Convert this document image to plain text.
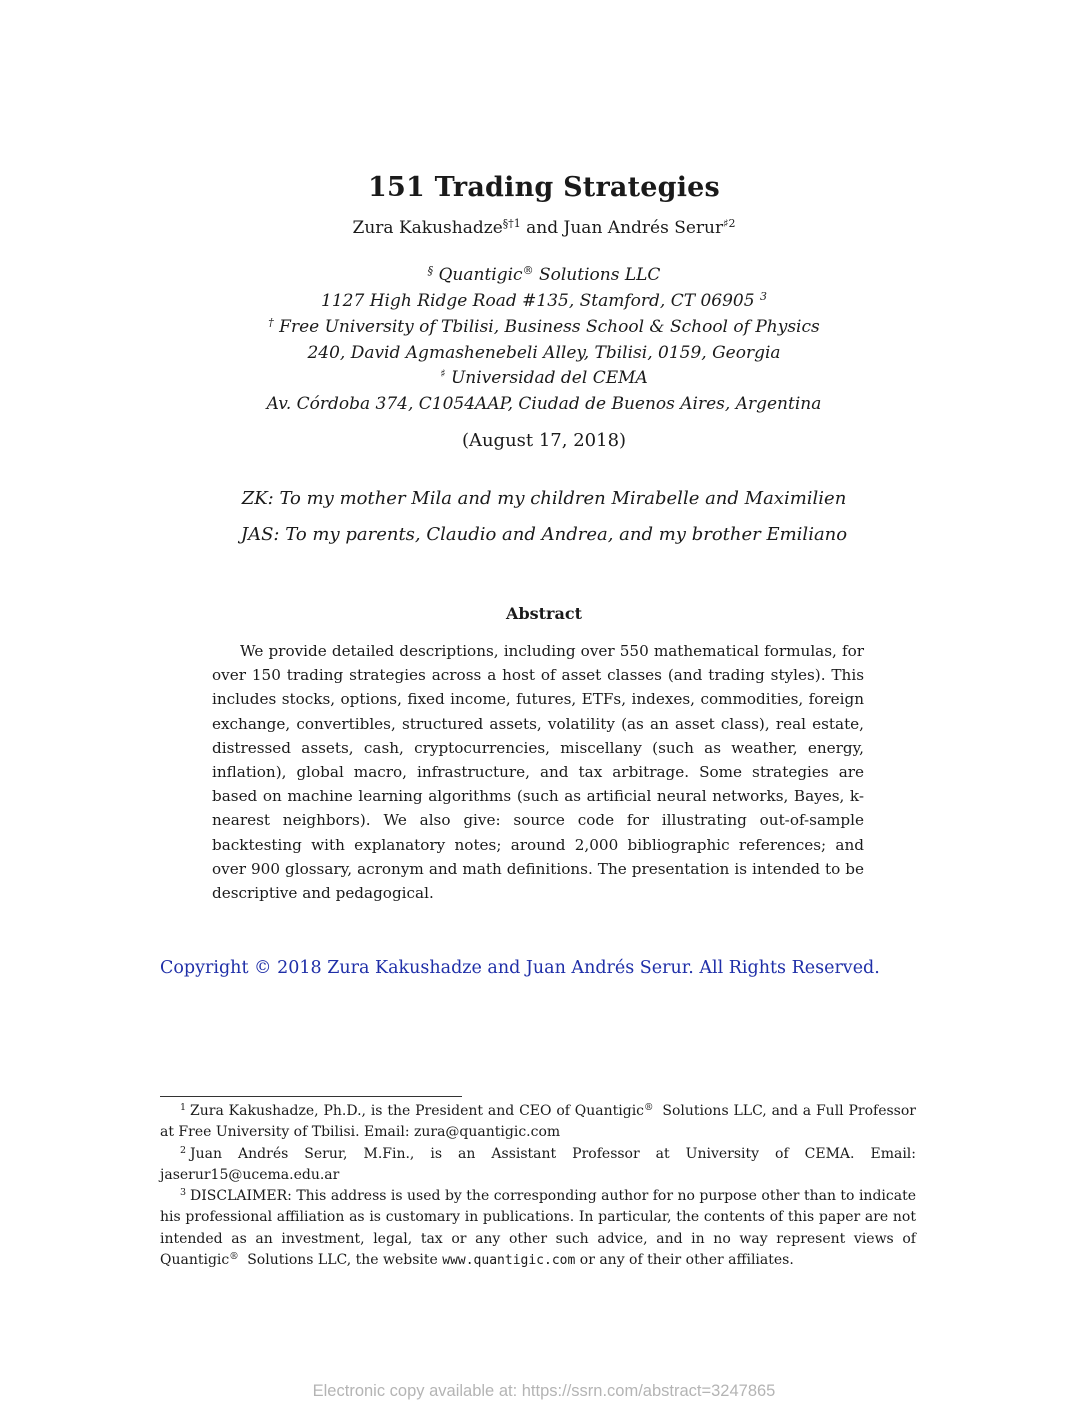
151 Trading Strategies
Zura Kakushadze$^{\S\dagger 1}$ and Juan Andrés Serur$^{♯2}$
§ Quantigic® Solutions LLC
1127 High Ridge Road #135, Stamford, CT 06905 $^3$
† Free University of Tbilisi, Business School & School of Physics
240, David Agmashenebeli Alley, Tbilisi, 0159, Georgia
♯ Universidad del CEMA
Av. Córdoba 374, C1054AAP, Ciudad de Buenos Aires, Argentina
(August 17, 2018)
ZK: To my mother Mila and my children Mirabelle and Maximilien
JAS: To my parents, Claudio and Andrea, and my brother Emiliano
Abstract
We provide detailed descriptions, including over 550 mathematical formulas, for over 150 trading strategies across a host of asset classes (and trading styles). This includes stocks, options, fixed income, futures, ETFs, indexes, commodities, foreign exchange, convertibles, structured assets, volatility (as an asset class), real estate, distressed assets, cash, cryptocurrencies, miscellany (such as weather, energy, inflation), global macro, infrastructure, and tax arbitrage. Some strategies are based on machine learning algorithms (such as artificial neural networks, Bayes, k-nearest neighbors). We also give: source code for illustrating out-of-sample backtesting with explanatory notes; around 2,000 bibliographic references; and over 900 glossary, acronym and math definitions. The presentation is intended to be descriptive and pedagogical.
Copyright © 2018 Zura Kakushadze and Juan Andrés Serur. All Rights Reserved.

$^1$ Zura Kakushadze, Ph.D., is the President and CEO of Quantigic® Solutions LLC, and a Full Professor at Free University of Tbilisi. Email: zura@quantigic.com

$^2$ Juan Andrés Serur, M.Fin., is an Assistant Professor at University of CEMA. Email: jaserur15@ucema.edu.ar

$^3$ DISCLAIMER: This address is used by the corresponding author for no purpose other than to indicate his professional affiliation as is customary in publications. In particular, the contents of this paper are not intended as an investment, legal, tax or any other such advice, and in no way represent views of Quantigic® Solutions LLC, the website www.quantigic.com or any of their other affiliates.

Electronic copy available at: https://ssrn.com/abstract=3247865
